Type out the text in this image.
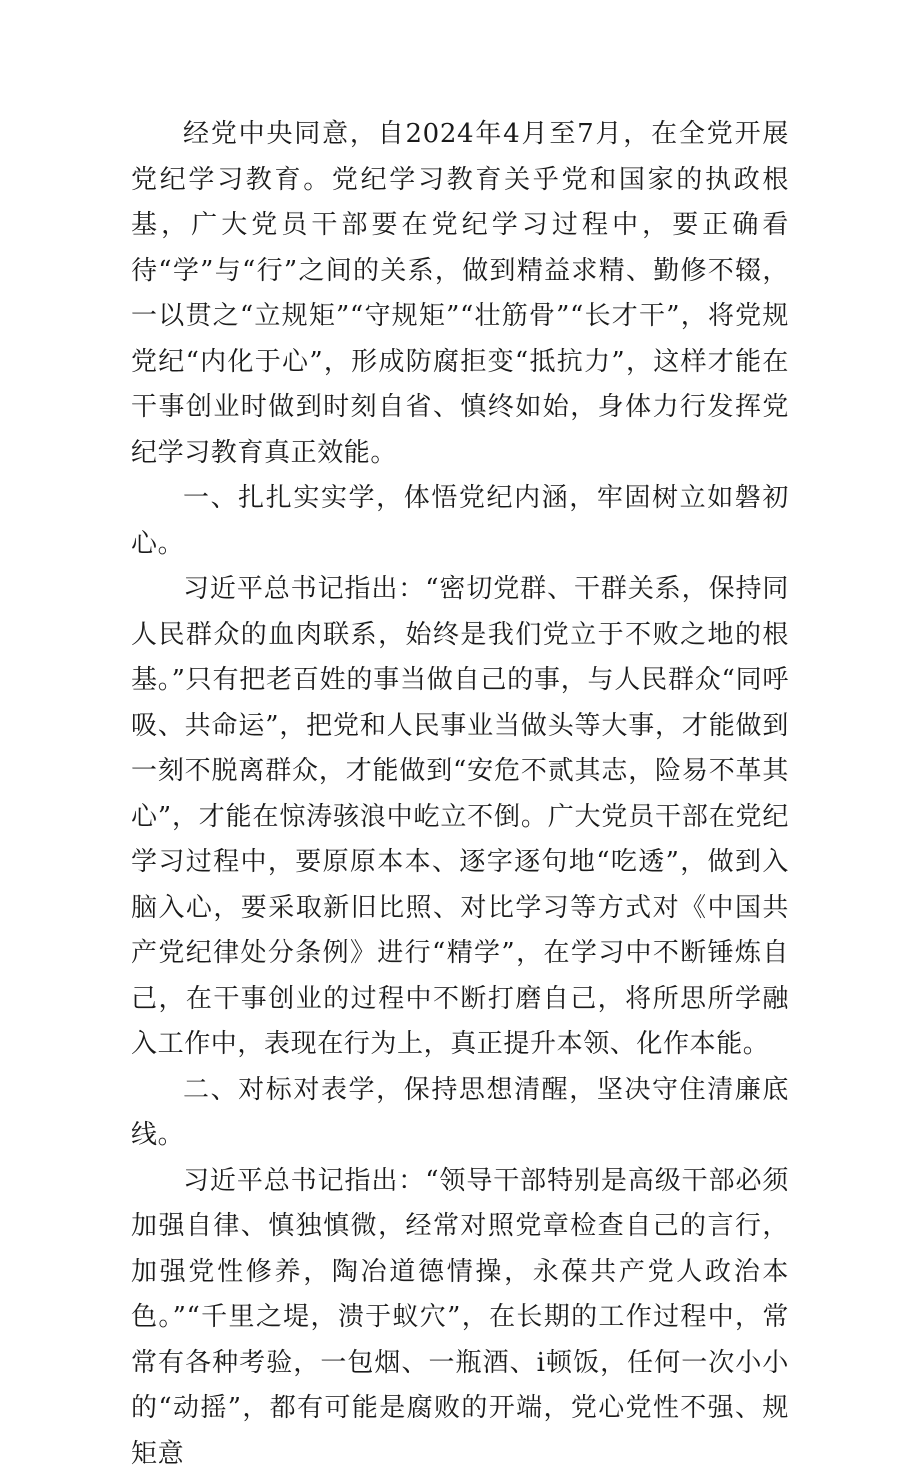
经党中央同意，自2024年4月至7月，在全党开展党纪学习教育。党纪学习教育关乎党和国家的执政根基，广大党员干部要在党纪学习过程中，要正确看待“学”与“行”之间的关系，做到精益求精、勤修不辍，一以贯之“立规矩”“守规矩”“壮筋骨”“长才干”，将党规党纪“内化于心”，形成防腐拒变“抵抗力”，这样才能在干事创业时做到时刻自省、慎终如始，身体力行发挥党纪学习教育真正效能。

一、扎扎实实学，体悟党纪内涵，牢固树立如磐初心。

习近平总书记指出：“密切党群、干群关系，保持同人民群众的血肉联系，始终是我们党立于不败之地的根基。”只有把老百姓的事当做自己的事，与人民群众“同呼吸、共命运”，把党和人民事业当做头等大事，才能做到一刻不脱离群众，才能做到“安危不贰其志，险易不革其心”，才能在惊涛骇浪中屹立不倒。广大党员干部在党纪学习过程中，要原原本本、逐字逐句地“吃透”，做到入脑入心，要采取新旧比照、对比学习等方式对《中国共产党纪律处分条例》进行“精学”，在学习中不断锤炼自己，在干事创业的过程中不断打磨自己，将所思所学融入工作中，表现在行为上，真正提升本领、化作本能。

二、对标对表学，保持思想清醒，坚决守住清廉底线。

习近平总书记指出：“领导干部特别是高级干部必须加强自律、慎独慎微，经常对照党章检查自己的言行，加强党性修养，陶冶道德情操，永葆共产党人政治本色。”“千里之堤，溃于蚁穴”，在长期的工作过程中，常常有各种考验，一包烟、一瓶酒、i顿饭，任何一次小小的“动摇”，都有可能是腐败的开端，党心党性不强、规矩意
